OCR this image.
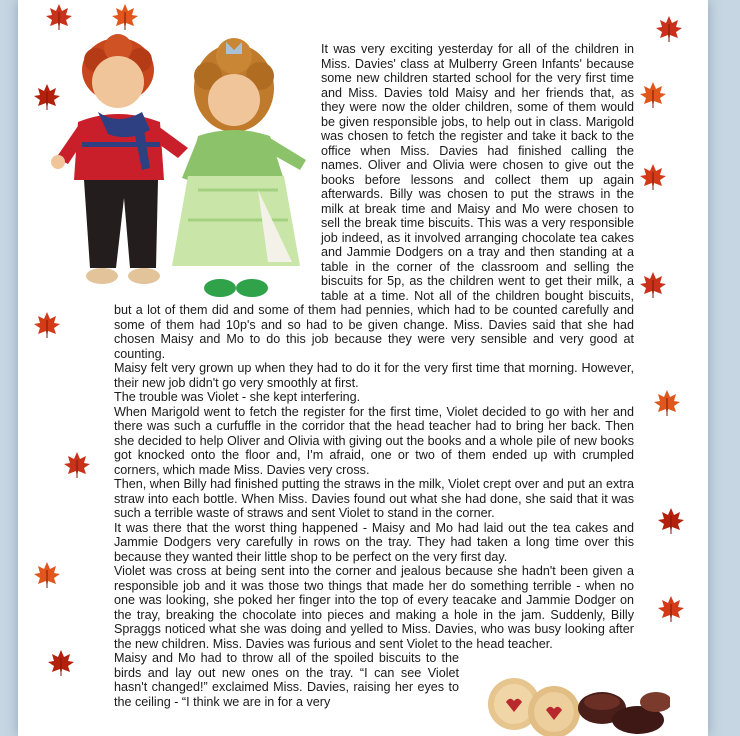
It was very exciting yesterday for all of the children in Miss. Davies' class at Mulberry Green Infants' because some new children started school for the very first time and Miss. Davies told Maisy and her friends that, as they were now the older children, some of them would be given responsible jobs, to help out in class. Marigold was chosen to fetch the register and take it back to the office when Miss. Davies had finished calling the names. Oliver and Olivia were chosen to give out the books before lessons and collect them up again afterwards. Billy was chosen to put the straws in the milk at break time and Maisy and Mo were chosen to sell the break time biscuits. This was a very responsible job indeed, as it involved arranging chocolate tea cakes and Jammie Dodgers on a tray and then standing at a table in the corner of the classroom and selling the biscuits for 5p, as the children went to get their milk, a table at a time. Not all of the children bought biscuits, but a lot of them did and some of them had pennies, which had to be counted carefully and some of them had 10p's and so had to be given change. Miss. Davies said that she had chosen Maisy and Mo to do this job because they were very sensible and very good at counting.

Maisy felt very grown up when they had to do it for the very first time that morning. However, their new job didn't go very smoothly at first.

The trouble was Violet - she kept interfering.

When Marigold went to fetch the register for the first time, Violet decided to go with her and there was such a curfuffle in the corridor that the head teacher had to bring her back. Then she decided to help Oliver and Olivia with giving out the books and a whole pile of new books got knocked onto the floor and, I'm afraid, one or two of them ended up with crumpled corners, which made Miss. Davies very cross.

Then, when Billy had finished putting the straws in the milk, Violet crept over and put an extra straw into each bottle. When Miss. Davies found out what she had done, she said that it was such a terrible waste of straws and sent Violet to stand in the corner.

It was there that the worst thing happened - Maisy and Mo had laid out the tea cakes and Jammie Dodgers very carefully in rows on the tray. They had taken a long time over this because they wanted their little shop to be perfect on the very first day.

Violet was cross at being sent into the corner and jealous because she hadn't been given a responsible job and it was those two things that made her do something terrible - when no one was looking, she poked her finger into the top of every teacake and Jammie Dodger on the tray, breaking the chocolate into pieces and making a hole in the jam. Suddenly, Billy Spraggs noticed what she was doing and yelled to Miss. Davies, who was busy looking after the new children. Miss. Davies was furious and sent Violet to the head teacher.

Maisy and Mo had to throw all of the spoiled biscuits to the birds and lay out new ones on the tray. “I can see Violet hasn't changed!” exclaimed Miss. Davies, raising her eyes to the ceiling - “I think we are in for a very
